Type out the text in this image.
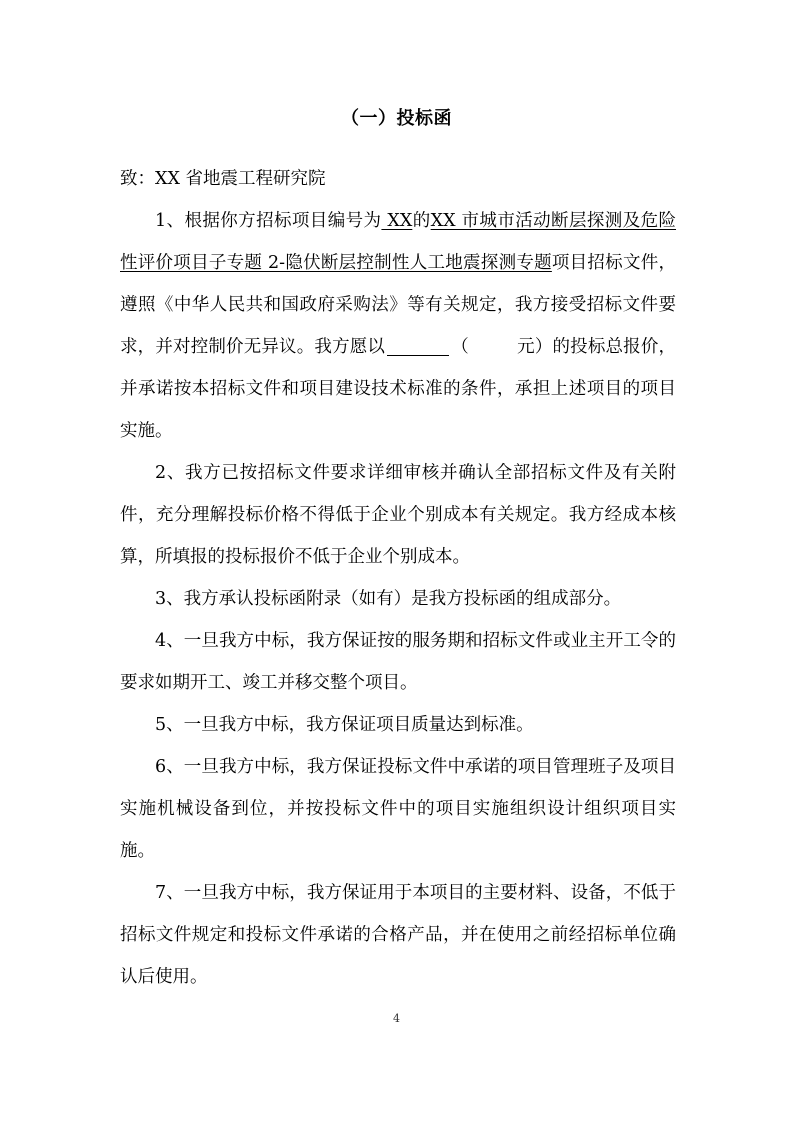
（一）投标函

致：XX 省地震工程研究院

1、根据你方招标项目编号为 XX的XX 市城市活动断层探测及危险性评价项目子专题 2-隐伏断层控制性人工地震探测专题项目招标文件，遵照《中华人民共和国政府采购法》等有关规定，我方接受招标文件要求，并对控制价无异议。我方愿以	（	元）的投标总报价，并承诺按本招标文件和项目建设技术标准的条件，承担上述项目的项目实施。

2、我方已按招标文件要求详细审核并确认全部招标文件及有关附件，充分理解投标价格不得低于企业个别成本有关规定。我方经成本核算，所填报的投标报价不低于企业个别成本。

3、我方承认投标函附录（如有）是我方投标函的组成部分。

4、一旦我方中标，我方保证按的服务期和招标文件或业主开工令的要求如期开工、竣工并移交整个项目。

5、一旦我方中标，我方保证项目质量达到标准。

6、一旦我方中标，我方保证投标文件中承诺的项目管理班子及项目实施机械设备到位，并按投标文件中的项目实施组织设计组织项目实施。

7、一旦我方中标，我方保证用于本项目的主要材料、设备，不低于招标文件规定和投标文件承诺的合格产品，并在使用之前经招标单位确认后使用。

4
